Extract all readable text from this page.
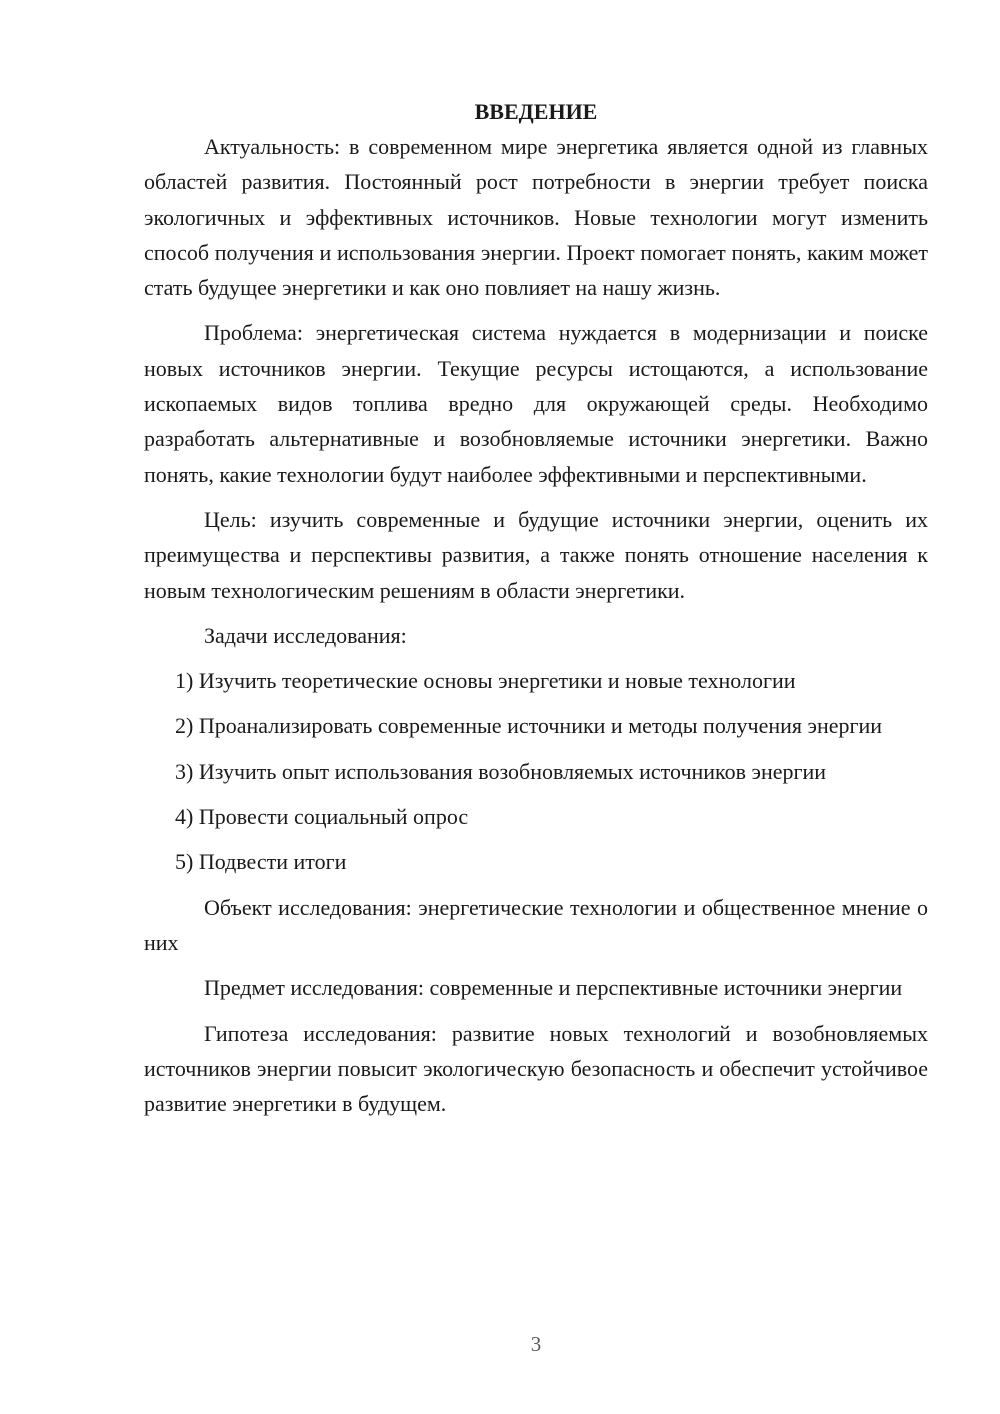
ВВЕДЕНИЕ

Актуальность: в современном мире энергетика является одной из главных областей развития. Постоянный рост потребности в энергии требует поиска экологичных и эффективных источников. Новые технологии могут изменить способ получения и использования энергии. Проект помогает понять, каким может стать будущее энергетики и как оно повлияет на нашу жизнь.

Проблема: энергетическая система нуждается в модернизации и поиске новых источников энергии. Текущие ресурсы истощаются, а использование ископаемых видов топлива вредно для окружающей среды. Необходимо разработать альтернативные и возобновляемые источники энергетики. Важно понять, какие технологии будут наиболее эффективными и перспективными.

Цель: изучить современные и будущие источники энергии, оценить их преимущества и перспективы развития, а также понять отношение населения к новым технологическим решениям в области энергетики.

Задачи исследования:

1) Изучить теоретические основы энергетики и новые технологии

2) Проанализировать современные источники и методы получения энергии

3) Изучить опыт использования возобновляемых источников энергии

4) Провести социальный опрос

5) Подвести итоги

Объект исследования: энергетические технологии и общественное мнение о них

Предмет исследования: современные и перспективные источники энергии

Гипотеза исследования: развитие новых технологий и возобновляемых источников энергии повысит экологическую безопасность и обеспечит устойчивое развитие энергетики в будущем.

3
